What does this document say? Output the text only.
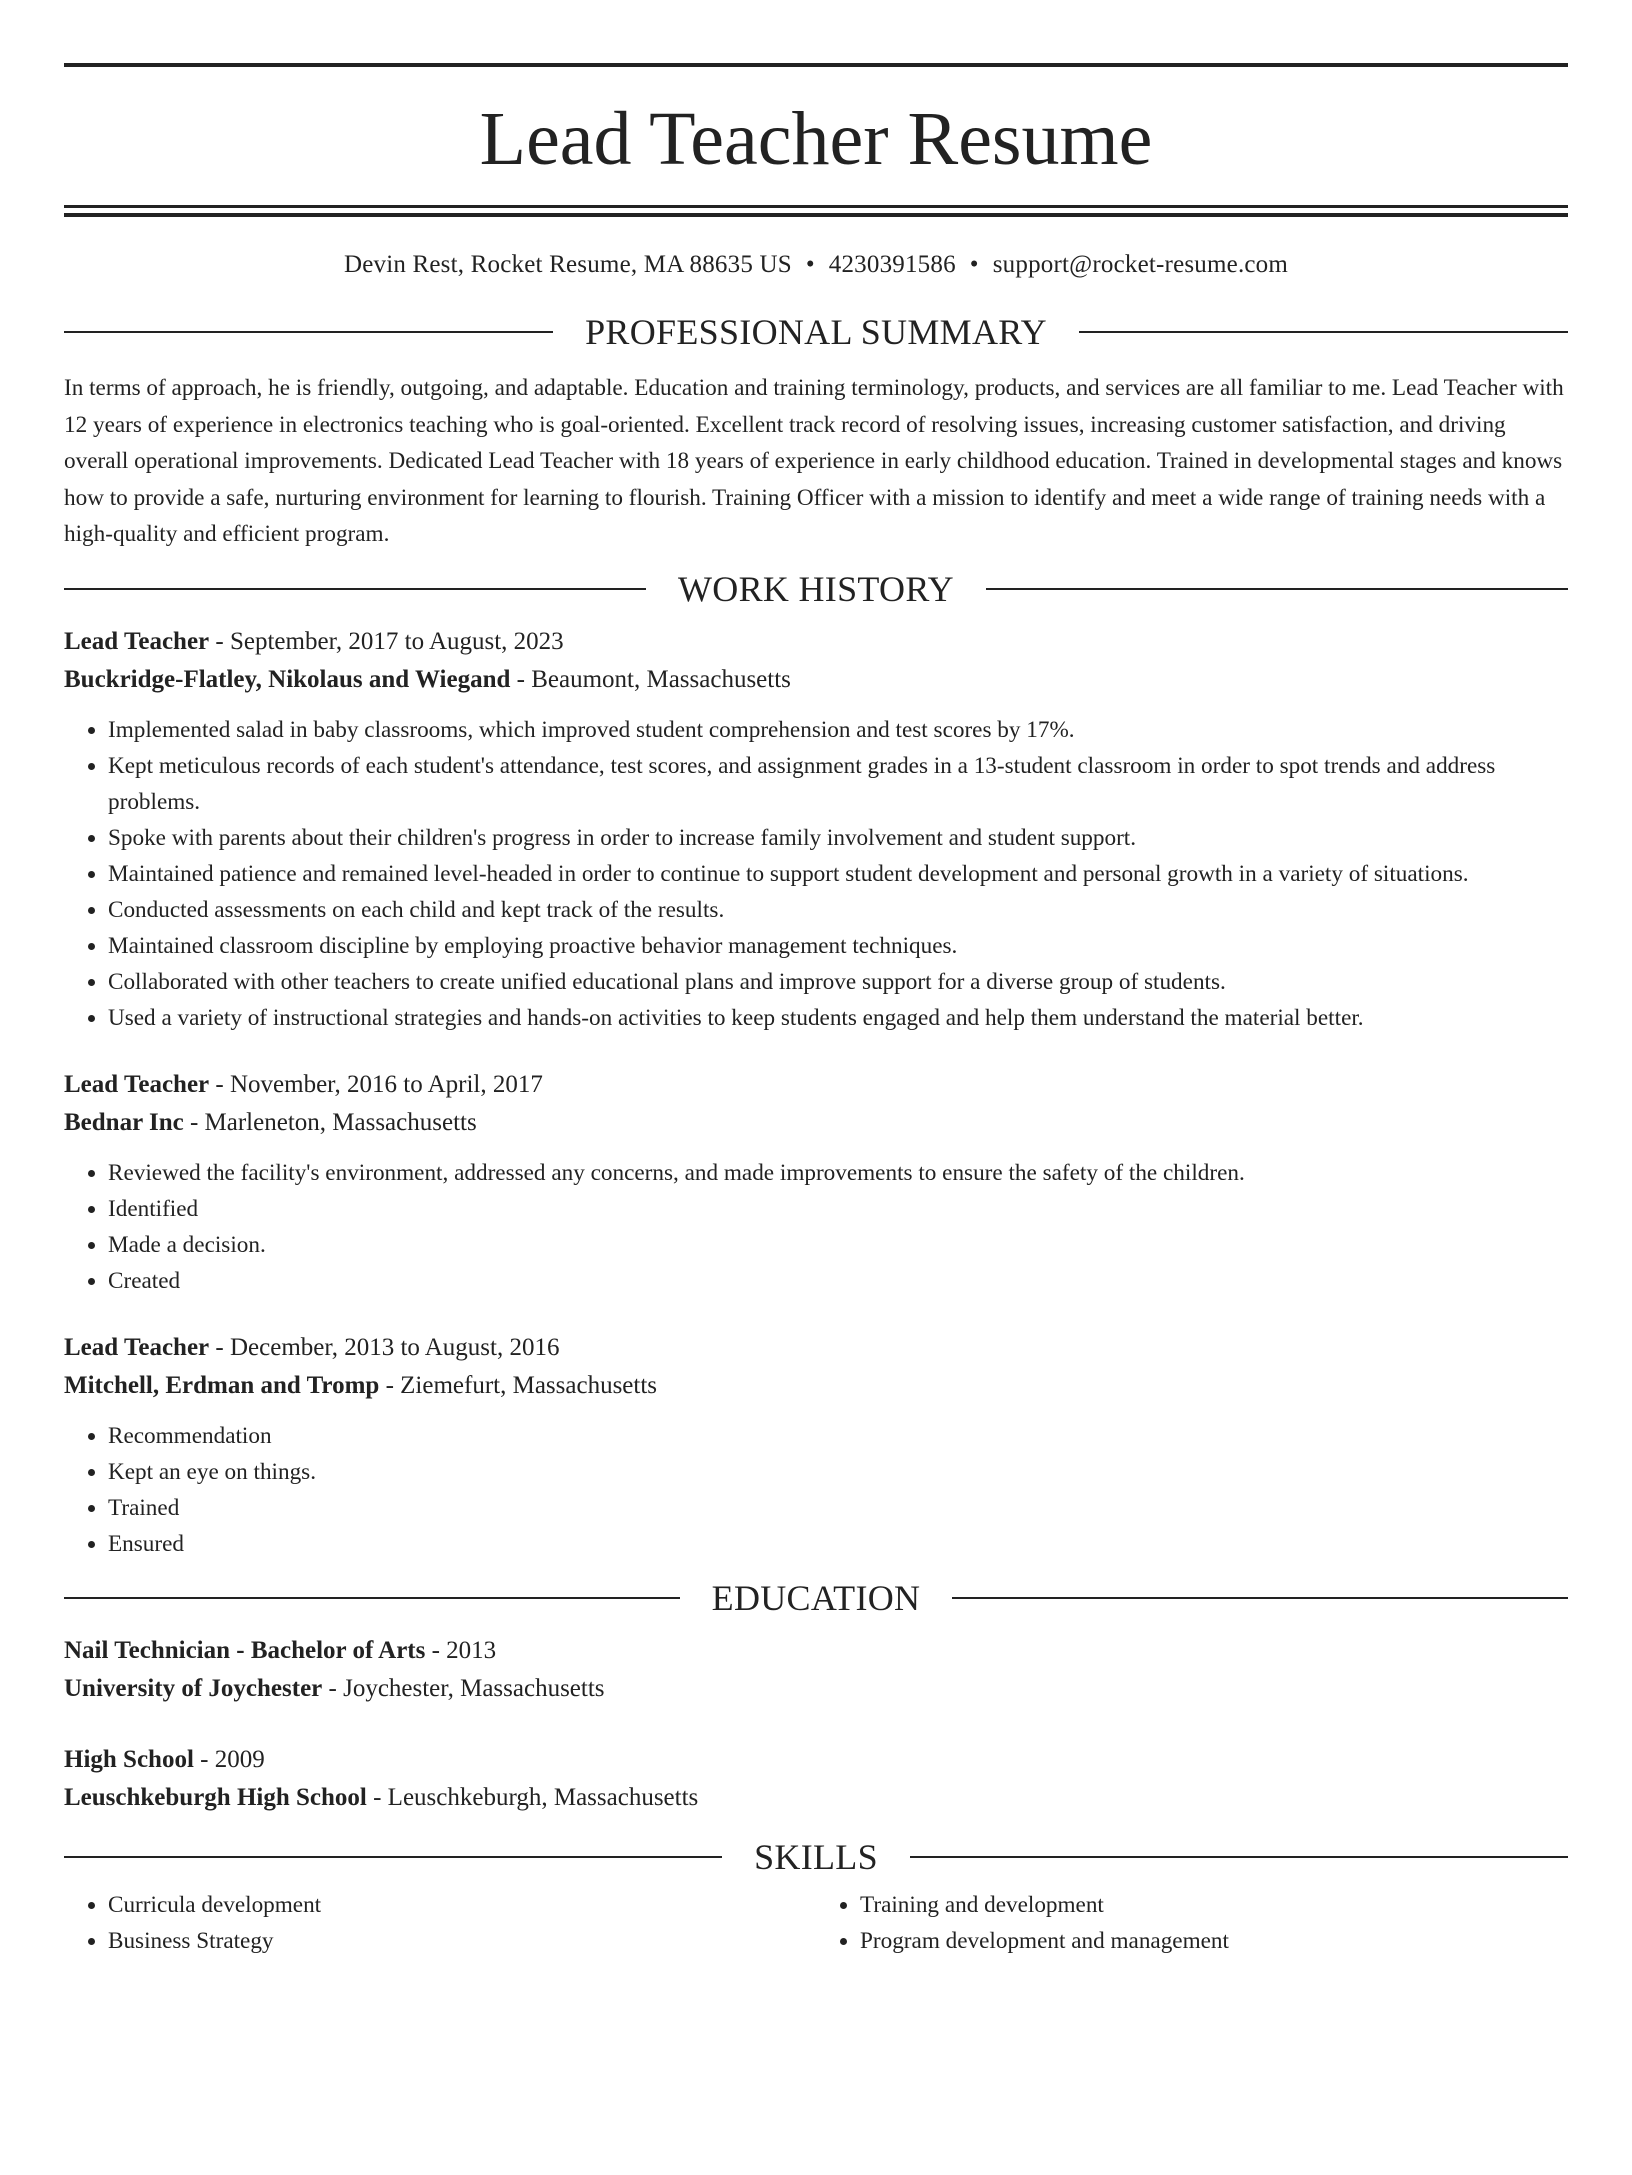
Lead Teacher Resume
Devin Rest, Rocket Resume, MA 88635 US • 4230391586 • support@rocket-resume.com
PROFESSIONAL SUMMARY

In terms of approach, he is friendly, outgoing, and adaptable. Education and training terminology, products, and services are all familiar to me. Lead Teacher with 12 years of experience in electronics teaching who is goal-oriented. Excellent track record of resolving issues, increasing customer satisfaction, and driving overall operational improvements. Dedicated Lead Teacher with 18 years of experience in early childhood education. Trained in developmental stages and knows how to provide a safe, nurturing environment for learning to flourish. Training Officer with a mission to identify and meet a wide range of training needs with a high-quality and efficient program.

WORK HISTORY

Lead Teacher - September, 2017 to August, 2023

Buckridge-Flatley, Nikolaus and Wiegand - Beaumont, Massachusetts

• Implemented salad in baby classrooms, which improved student comprehension and test scores by 17%.
• Kept meticulous records of each student's attendance, test scores, and assignment grades in a 13-student classroom in order to spot trends and address problems.
• Spoke with parents about their children's progress in order to increase family involvement and student support.
• Maintained patience and remained level-headed in order to continue to support student development and personal growth in a variety of situations.
• Conducted assessments on each child and kept track of the results.
• Maintained classroom discipline by employing proactive behavior management techniques.
• Collaborated with other teachers to create unified educational plans and improve support for a diverse group of students.
• Used a variety of instructional strategies and hands-on activities to keep students engaged and help them understand the material better.

Lead Teacher - November, 2016 to April, 2017

Bednar Inc - Marleneton, Massachusetts

• Reviewed the facility's environment, addressed any concerns, and made improvements to ensure the safety of the children.
• Identified
• Made a decision.
• Created

Lead Teacher - December, 2013 to August, 2016

Mitchell, Erdman and Tromp - Ziemefurt, Massachusetts

• Recommendation
• Kept an eye on things.
• Trained
• Ensured
EDUCATION

Nail Technician - Bachelor of Arts - 2013

University of Joychester - Joychester, Massachusetts

High School - 2009

Leuschkeburgh High School - Leuschkeburgh, Massachusetts

SKILLS
• Curricula development
• Business Strategy
• Training and development
• Program development and management
